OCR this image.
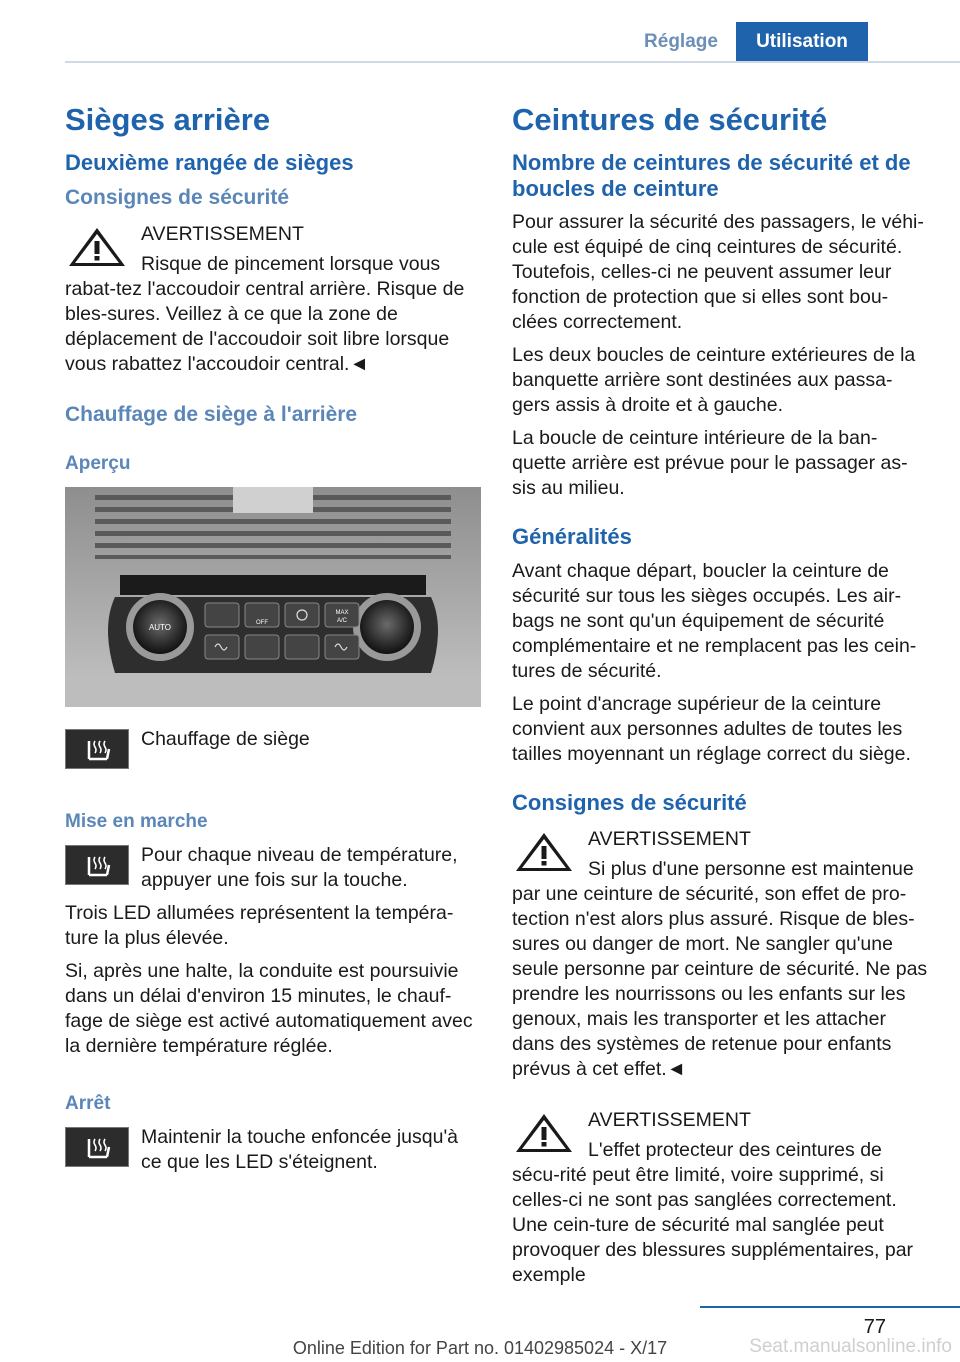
Réglage	Utilisation
Sièges arrière
Deuxième rangée de sièges
Consignes de sécurité
AVERTISSEMENT

Risque de pincement lorsque vous rabat-tez l'accoudoir central arrière. Risque de bles-sures. Veillez à ce que la zone de déplacement de l'accoudoir soit libre lorsque vous rabattez l'accoudoir central.◄

Chauffage de siège à l'arrière
Aperçu
AUTO	OFF
MAX
A/C

Chauffage de siège

Mise en marche

Pour chaque niveau de température, appuyer une fois sur la touche.

Trois LED allumées représentent la tempéra-ture la plus élevée.

Si, après une halte, la conduite est poursuivie dans un délai d'environ 15 minutes, le chauf-fage de siège est activé automatiquement avec la dernière température réglée.

Arrêt

Maintenir la touche enfoncée jusqu'à ce que les LED s'éteignent.

Ceintures de sécurité
Nombre de ceintures de sécurité et de boucles de ceinture

Pour assurer la sécurité des passagers, le véhi-cule est équipé de cinq ceintures de sécurité. Toutefois, celles-ci ne peuvent assumer leur fonction de protection que si elles sont bou-clées correctement.

Les deux boucles de ceinture extérieures de la banquette arrière sont destinées aux passa-gers assis à droite et à gauche.

La boucle de ceinture intérieure de la ban-quette arrière est prévue pour le passager as-sis au milieu.

Généralités

Avant chaque départ, boucler la ceinture de sécurité sur tous les sièges occupés. Les air-bags ne sont qu'un équipement de sécurité complémentaire et ne remplacent pas les cein-tures de sécurité.

Le point d'ancrage supérieur de la ceinture convient aux personnes adultes de toutes les tailles moyennant un réglage correct du siège.

Consignes de sécurité
AVERTISSEMENT

Si plus d'une personne est maintenue par une ceinture de sécurité, son effet de pro-tection n'est alors plus assuré. Risque de bles-sures ou danger de mort. Ne sangler qu'une seule personne par ceinture de sécurité. Ne pas prendre les nourrissons ou les enfants sur les genoux, mais les transporter et les attacher dans des systèmes de retenue pour enfants prévus à cet effet.◄

AVERTISSEMENT

L'effet protecteur des ceintures de sécu-rité peut être limité, voire supprimé, si celles-ci ne sont pas sanglées correctement. Une cein-ture de sécurité mal sanglée peut provoquer des blessures supplémentaires, par exemple

77
Online Edition for Part no. 01402985024 - X/17	Seat.manualsonline.info
